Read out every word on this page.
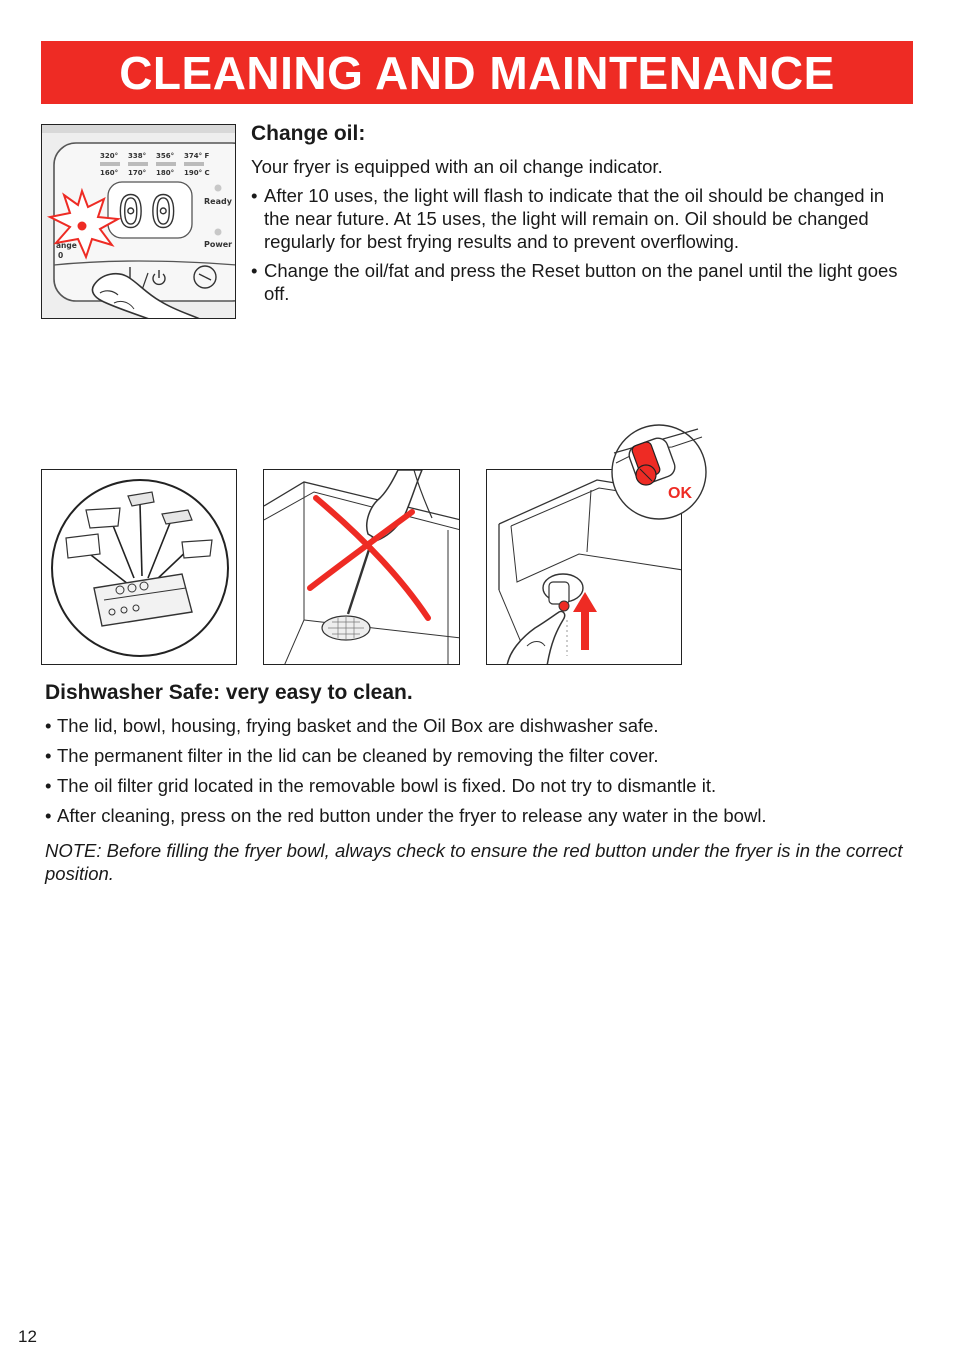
CLEANING AND MAINTENANCE
320° 338° 356° 374° F
160° 170° 180° 190° C
00	Ready
Power
ange
0
Change oil:

Your fryer is equipped with an oil change indicator.

• After 10 uses, the light will flash to indicate that the oil should be changed in the near future. At 15 uses, the light will remain on. Oil should be changed regularly for best frying results and to prevent overflowing.
• Change the oil/fat and press the Reset button on the panel until the light goes off.
OK
Dishwasher Safe: very easy to clean.
• The lid, bowl, housing, frying basket and the Oil Box are dishwasher safe.
• The permanent filter in the lid can be cleaned by removing the filter cover.
• The oil filter grid located in the removable bowl is fixed. Do not try to dismantle it.
• After cleaning, press on the red button under the fryer to release any water in the bowl.

NOTE: Before filling the fryer bowl, always check to ensure the red button under the fryer is in the correct position.

12
